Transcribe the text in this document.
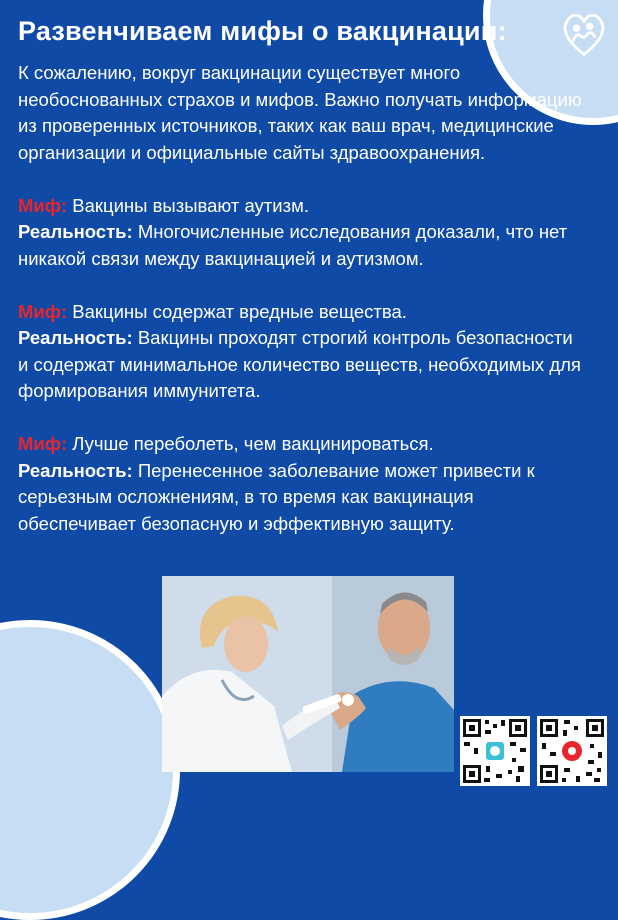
Развенчиваем мифы о вакцинации:

К сожалению, вокруг вакцинации существует много необоснованных страхов и мифов. Важно получать информацию из проверенных источников, таких как ваш врач, медицинские организации и официальные сайты здравоохранения.

Миф: Вакцины вызывают аутизм.

Реальность: Многочисленные исследования доказали, что нет никакой связи между вакцинацией и аутизмом.

Миф: Вакцины содержат вредные вещества.

Реальность: Вакцины проходят строгий контроль безопасности и содержат минимальное количество веществ, необходимых для формирования иммунитета.

Миф: Лучше переболеть, чем вакцинироваться.

Реальность: Перенесенное заболевание может привести к серьезным осложнениям, в то время как вакцинация обеспечивает безопасную и эффективную защиту.
